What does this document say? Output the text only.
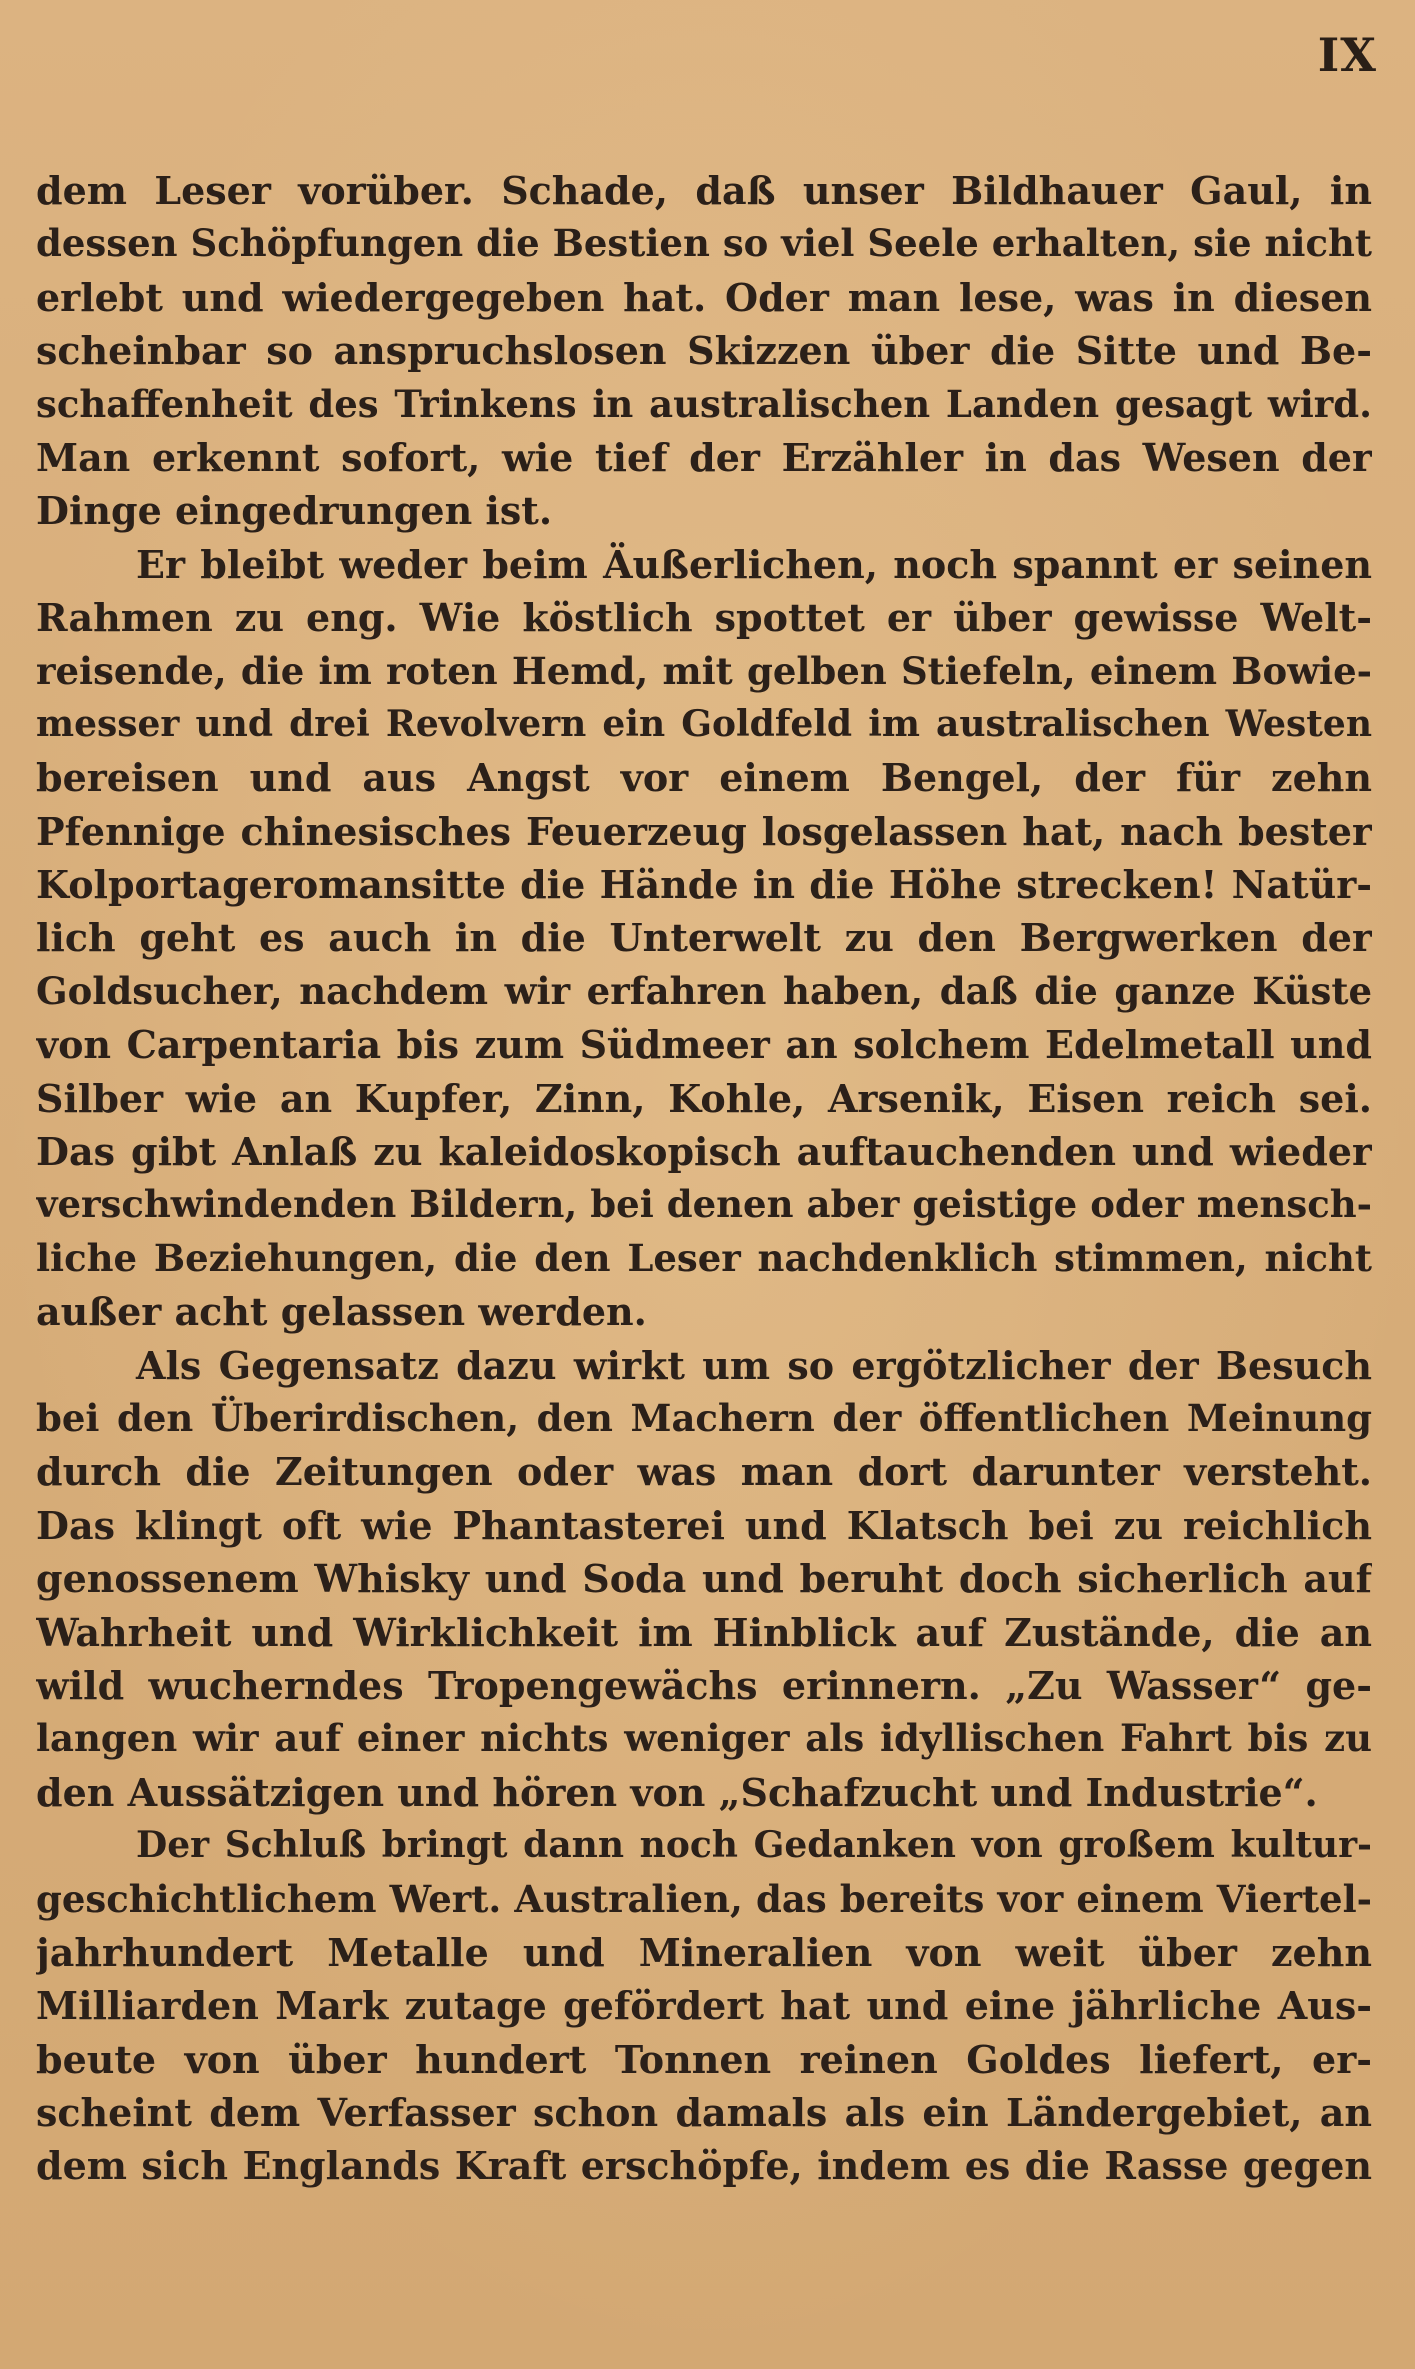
IX
dem Leser vorüber. Schade, daß unser Bildhauer Gaul, in
dessen Schöpfungen die Bestien so viel Seele erhalten, sie nicht
erlebt und wiedergegeben hat. Oder man lese, was in diesen
scheinbar so anspruchslosen Skizzen über die Sitte und Be-
schaffenheit des Trinkens in australischen Landen gesagt wird.
Man erkennt sofort, wie tief der Erzähler in das Wesen der
Dinge eingedrungen ist.
Er bleibt weder beim Äußerlichen, noch spannt er seinen
Rahmen zu eng. Wie köstlich spottet er über gewisse Welt-
reisende, die im roten Hemd, mit gelben Stiefeln, einem Bowie-
messer und drei Revolvern ein Goldfeld im australischen Westen
bereisen und aus Angst vor einem Bengel, der für zehn
Pfennige chinesisches Feuerzeug losgelassen hat, nach bester
Kolportageromansitte die Hände in die Höhe strecken! Natür-
lich geht es auch in die Unterwelt zu den Bergwerken der
Goldsucher, nachdem wir erfahren haben, daß die ganze Küste
von Carpentaria bis zum Südmeer an solchem Edelmetall und
Silber wie an Kupfer, Zinn, Kohle, Arsenik, Eisen reich sei.
Das gibt Anlaß zu kaleidoskopisch auftauchenden und wieder
verschwindenden Bildern, bei denen aber geistige oder mensch-
liche Beziehungen, die den Leser nachdenklich stimmen, nicht
außer acht gelassen werden.
Als Gegensatz dazu wirkt um so ergötzlicher der Besuch
bei den Überirdischen, den Machern der öffentlichen Meinung
durch die Zeitungen oder was man dort darunter versteht.
Das klingt oft wie Phantasterei und Klatsch bei zu reichlich
genossenem Whisky und Soda und beruht doch sicherlich auf
Wahrheit und Wirklichkeit im Hinblick auf Zustände, die an
wild wucherndes Tropengewächs erinnern. „Zu Wasser“ ge-
langen wir auf einer nichts weniger als idyllischen Fahrt bis zu
den Aussätzigen und hören von „Schafzucht und Industrie“.
Der Schluß bringt dann noch Gedanken von großem kultur-
geschichtlichem Wert. Australien, das bereits vor einem Viertel-
jahrhundert Metalle und Mineralien von weit über zehn
Milliarden Mark zutage gefördert hat und eine jährliche Aus-
beute von über hundert Tonnen reinen Goldes liefert, er-
scheint dem Verfasser schon damals als ein Ländergebiet, an
dem sich Englands Kraft erschöpfe, indem es die Rasse gegen
